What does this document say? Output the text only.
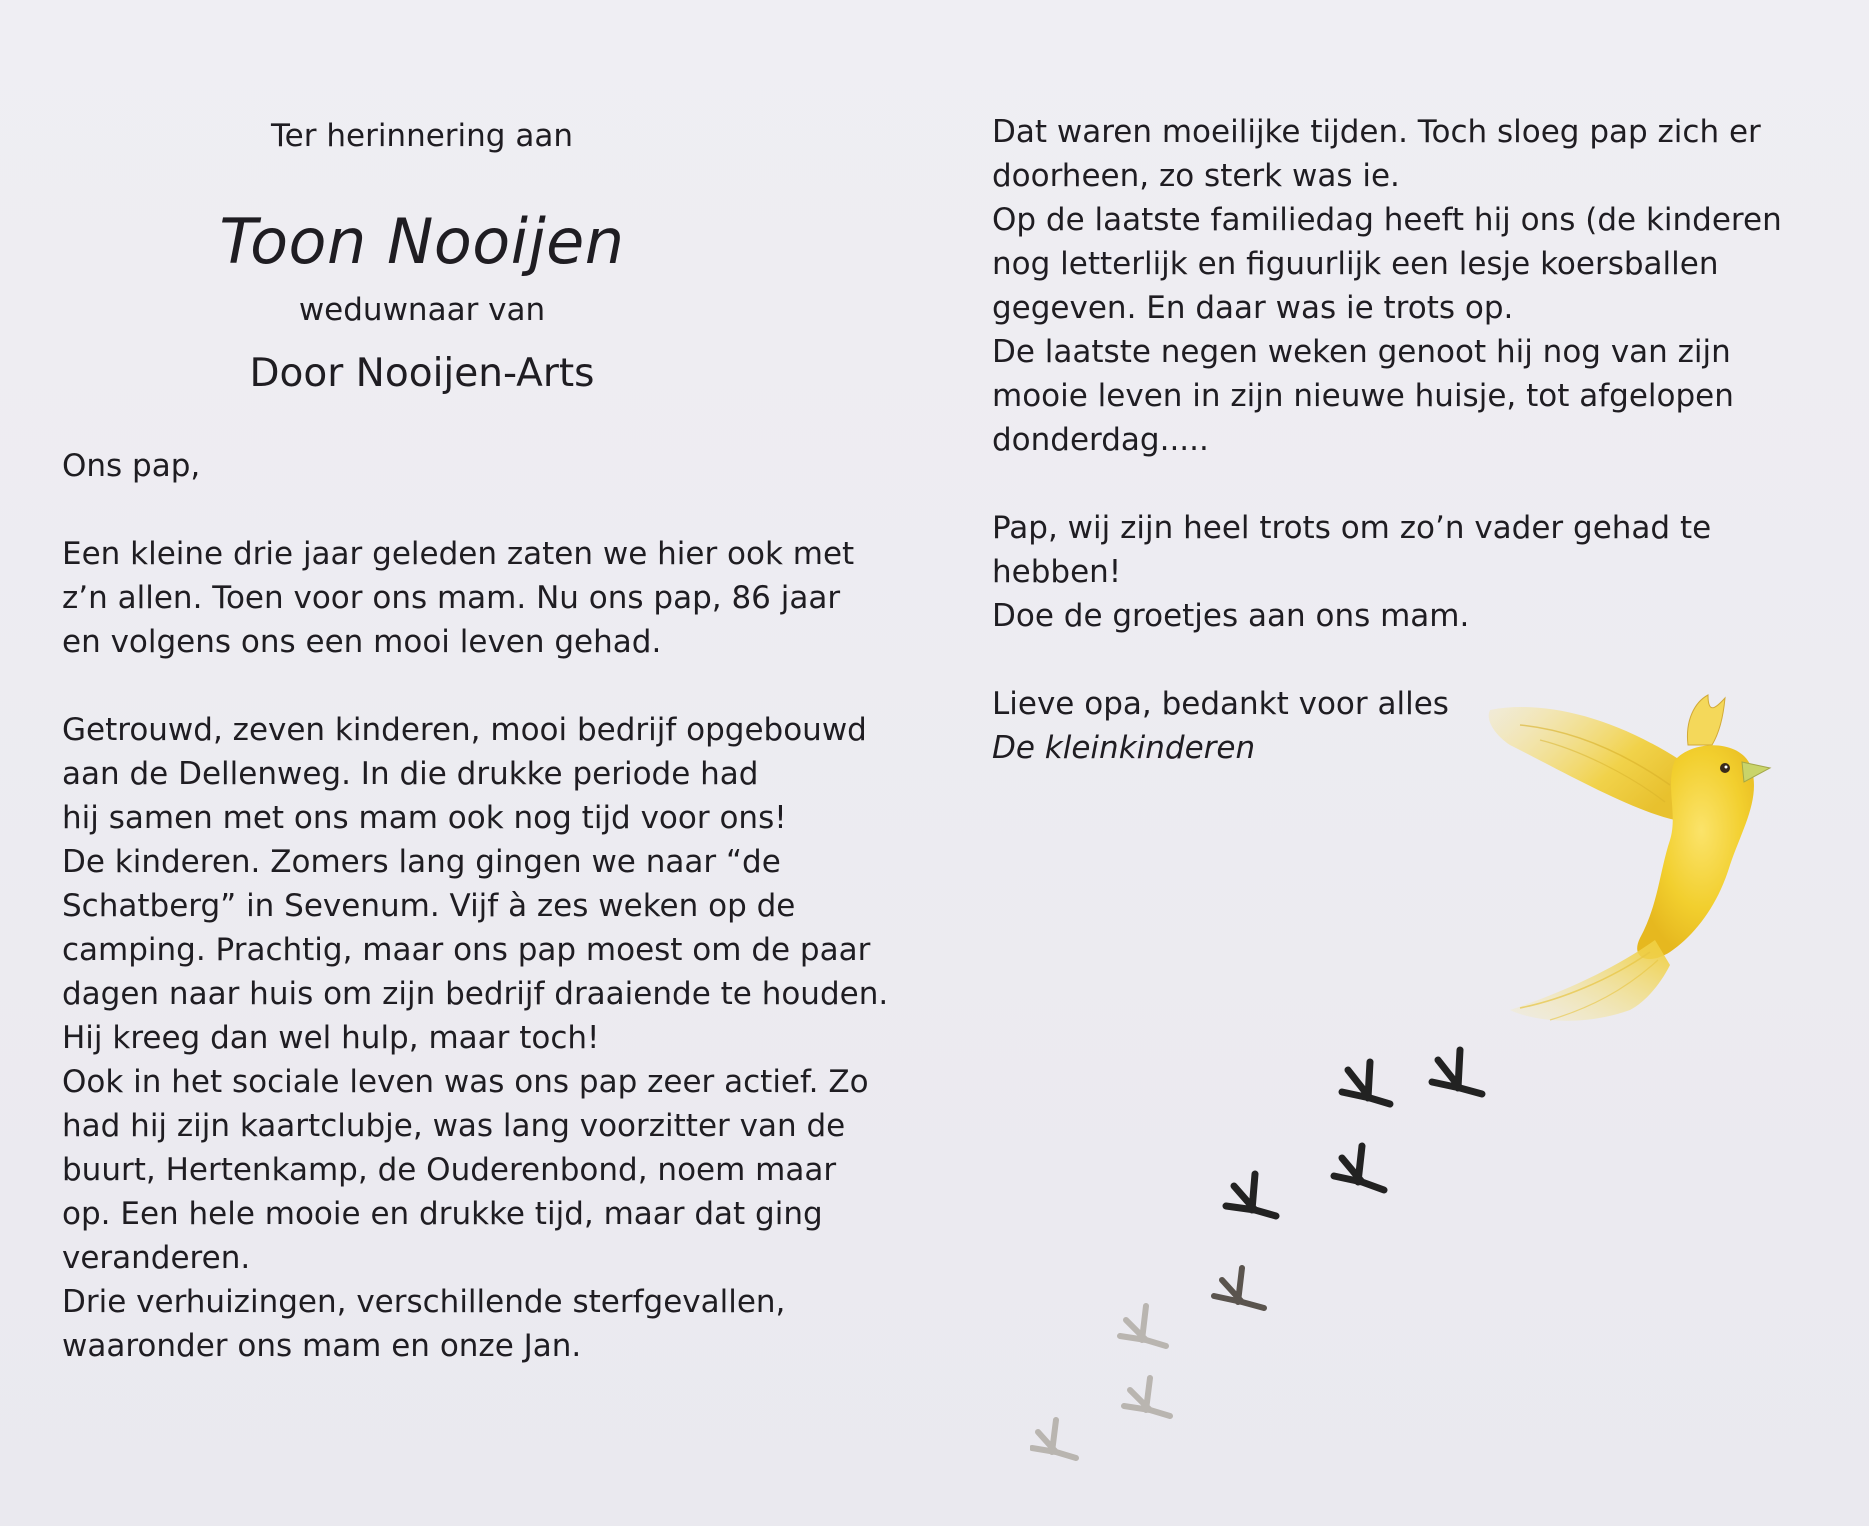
Ter herinnering aan

Toon Nooijen

weduwnaar van

Door Nooijen-Arts

Ons pap,

Een kleine drie jaar geleden zaten we hier ook met
z’n allen. Toen voor ons mam. Nu ons pap, 86 jaar
en volgens ons een mooi leven gehad.

Getrouwd, zeven kinderen, mooi bedrijf opgebouwd
aan de Dellenweg. In die drukke periode had
hij samen met ons mam ook nog tijd voor ons!
De kinderen. Zomers lang gingen we naar “de
Schatberg” in Sevenum. Vijf à zes weken op de
camping. Prachtig, maar ons pap moest om de paar
dagen naar huis om zijn bedrijf draaiende te houden.
Hij kreeg dan wel hulp, maar toch!
Ook in het sociale leven was ons pap zeer actief. Zo
had hij zijn kaartclubje, was lang voorzitter van de
buurt, Hertenkamp, de Ouderenbond, noem maar
op. Een hele mooie en drukke tijd, maar dat ging
veranderen.
Drie verhuizingen, verschillende sterfgevallen,
waaronder ons mam en onze Jan.

Dat waren moeilijke tijden. Toch sloeg pap zich er
doorheen, zo sterk was ie.
Op de laatste familiedag heeft hij ons (de kinderen
nog letterlijk en figuurlijk een lesje koersballen
gegeven. En daar was ie trots op.
De laatste negen weken genoot hij nog van zijn
mooie leven in zijn nieuwe huisje, tot afgelopen
donderdag.....

Pap, wij zijn heel trots om zo’n vader gehad te
hebben!
Doe de groetjes aan ons mam.

Lieve opa, bedankt voor alles
De kleinkinderen
